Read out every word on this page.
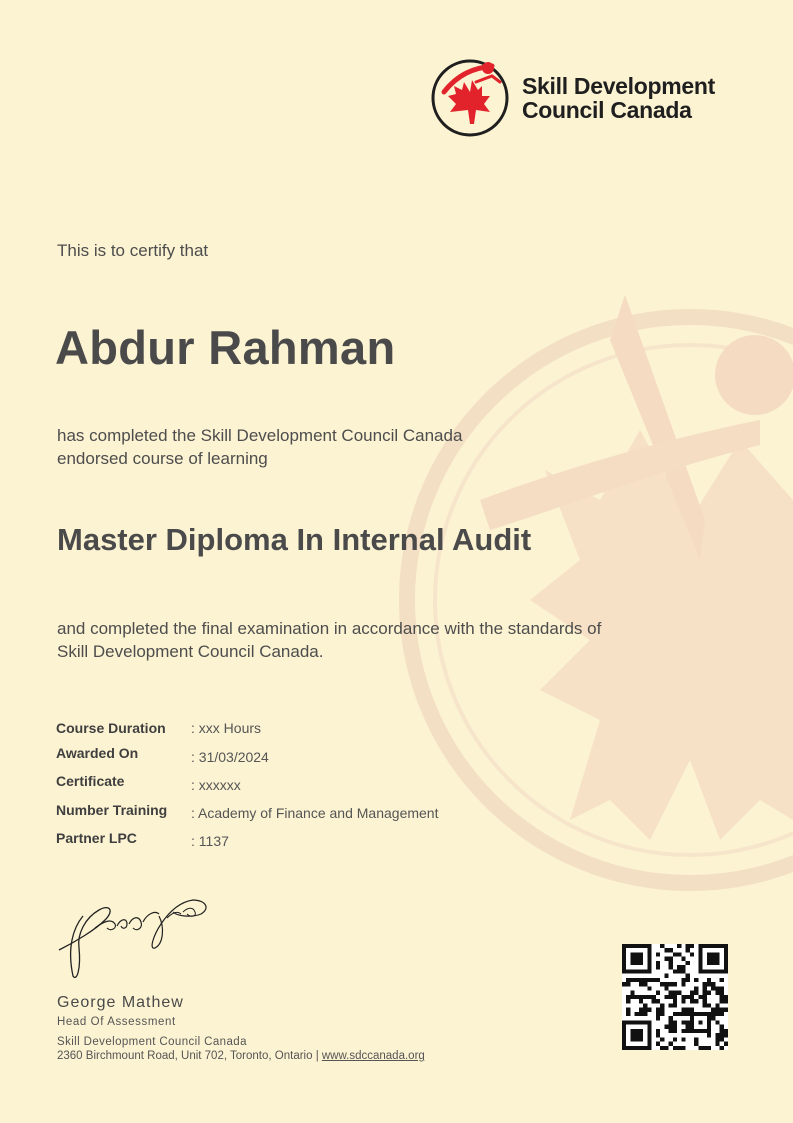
Skill Development
Council Canada
This is to certify that
Abdur Rahman
has completed the Skill Development Council Canada
endorsed course of learning
Master Diploma In Internal Audit
and completed the final examination in accordance with the standards of
Skill Development Council Canada.
Course Duration : xxx Hours
Awarded On	: 31/03/2024
Certificate	: xxxxxx
Number Training : Academy of Finance and Management
Partner LPC	: 1137
George Mathew
Head Of Assessment
Skill Development Council Canada
2360 Birchmount Road, Unit 702, Toronto, Ontario | www.sdccanada.org
